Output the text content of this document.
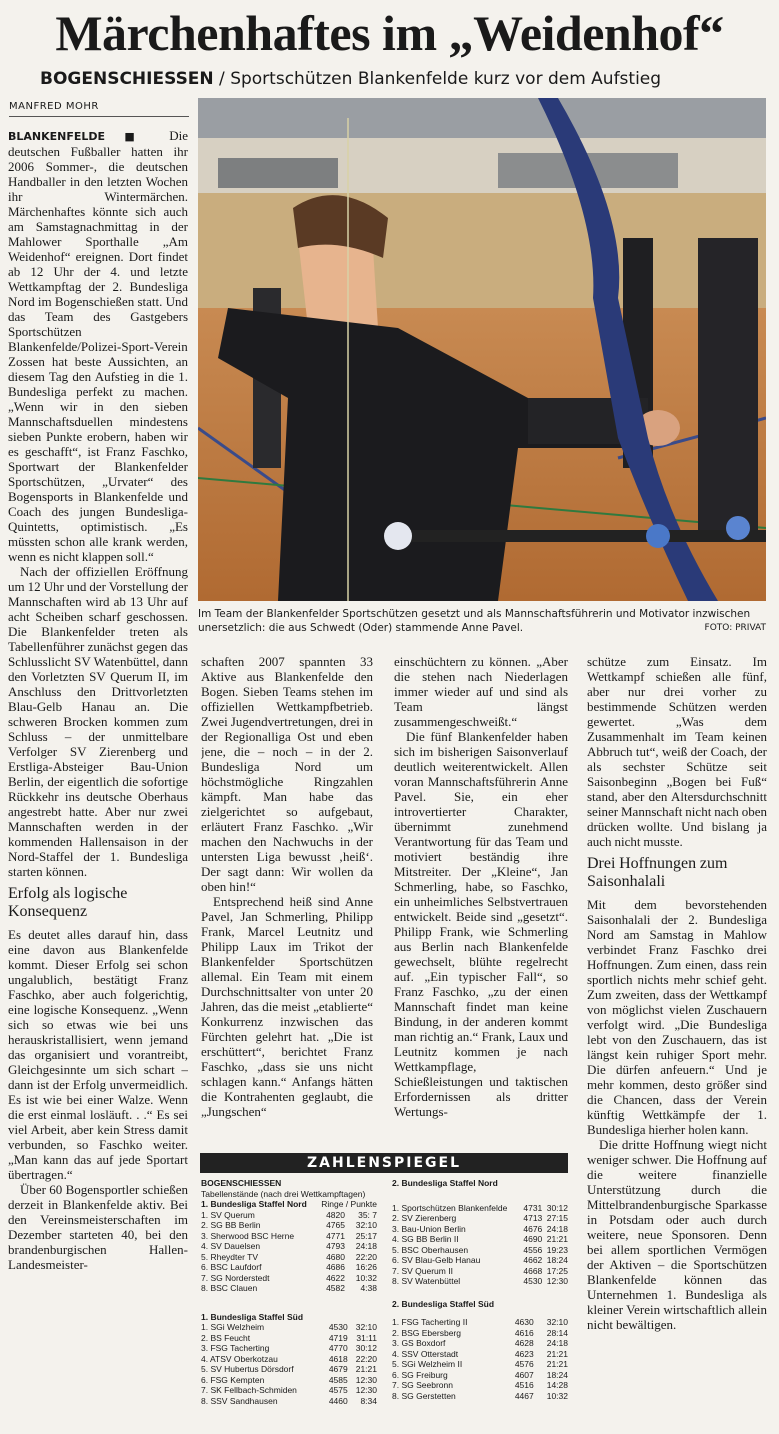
Märchenhaftes im „Weidenhof“
BOGENSCHIESSEN / Sportschützen Blankenfelde kurz vor dem Aufstieg
MANFRED MOHR

BLANKENFELDE ■ Die deutschen Fußballer hatten ihr 2006 Sommer-, die deutschen Handballer in den letzten Wochen ihr Wintermärchen. Märchenhaftes könnte sich auch am Samstagnachmittag in der Mahlower Sporthalle „Am Weidenhof“ ereignen. Dort findet ab 12 Uhr der 4. und letzte Wettkampftag der 2. Bundesliga Nord im Bogenschießen statt. Und das Team des Gastgebers Sportschützen Blankenfelde/Polizei-Sport-Verein Zossen hat beste Aussichten, an diesem Tag den Aufstieg in die 1. Bundesliga perfekt zu machen. „Wenn wir in den sieben Mannschaftsduellen mindestens sieben Punkte erobern, haben wir es geschafft“, ist Franz Faschko, Sportwart der Blankenfelder Sportschützen, „Urvater“ des Bogensports in Blankenfelde und Coach des jungen Bundesliga-Quintetts, optimistisch. „Es müssten schon alle krank werden, wenn es nicht klappen soll.“

Nach der offiziellen Eröffnung um 12 Uhr und der Vorstellung der Mannschaften wird ab 13 Uhr auf acht Scheiben scharf geschossen. Die Blankenfelder treten als Tabellenführer zunächst gegen das Schlusslicht SV Watenbüttel, dann den Vorletzten SV Querum II, im Anschluss den Drittvorletzten Blau-Gelb Hanau an. Die schweren Brocken kommen zum Schluss – der unmittelbare Verfolger SV Zierenberg und Erstliga-Absteiger Bau-Union Berlin, der eigentlich die sofortige Rückkehr ins deutsche Oberhaus angestrebt hatte. Aber nur zwei Mannschaften werden in der kommenden Hallensaison in der Nord-Staffel der 1. Bundesliga starten können.

Erfolg als logische Konsequenz

Es deutet alles darauf hin, dass eine davon aus Blankenfelde kommt. Dieser Erfolg sei schon ungalublich, bestätigt Franz Faschko, aber auch folgerichtig, eine logische Konsequenz. „Wenn sich so etwas wie bei uns herauskristallisiert, wenn jemand das organisiert und vorantreibt, Gleichgesinnte um sich schart – dann ist der Erfolg unvermeidlich. Es ist wie bei einer Walze. Wenn die erst einmal losläuft. . .“ Es sei viel Arbeit, aber kein Stress damit verbunden, so Faschko weiter. „Man kann das auf jede Sportart übertragen.“

Über 60 Bogensportler schießen derzeit in Blankenfelde aktiv. Bei den Vereinsmeisterschaften im Dezember starteten 40, bei den brandenburgischen Hallen-Landesmeister-

Im Team der Blankenfelder Sportschützen gesetzt und als Mannschaftsführerin und Motivator inzwischen unersetzlich: die aus Schwedt (Oder) stammende Anne Pavel.	FOTO: PRIVAT

schaften 2007 spannten 33 Aktive aus Blankenfelde den Bogen. Sieben Teams stehen im offiziellen Wettkampfbetrieb. Zwei Jugendvertretungen, drei in der Regionalliga Ost und eben jene, die – noch – in der 2. Bundesliga Nord um höchstmögliche Ringzahlen kämpft. Man habe das zielgerichtet so aufgebaut, erläutert Franz Faschko. „Wir machen den Nachwuchs in der untersten Liga bewusst ‚heiß‘. Der sagt dann: Wir wollen da oben hin!“

Entsprechend heiß sind Anne Pavel, Jan Schmerling, Philipp Frank, Marcel Leutnitz und Philipp Laux im Trikot der Blankenfelder Sportschützen allemal. Ein Team mit einem Durchschnittsalter von unter 20 Jahren, das die meist „etablierte“ Konkurrenz inzwischen das Fürchten gelehrt hat. „Die ist erschüttert“, berichtet Franz Faschko, „dass sie uns nicht schlagen kann.“ Anfangs hätten die Kontrahenten geglaubt, die „Jungschen“

einschüchtern zu können. „Aber die stehen nach Niederlagen immer wieder auf und sind als Team längst zusammengeschweißt.“

Die fünf Blankenfelder haben sich im bisherigen Saisonverlauf deutlich weiterentwickelt. Allen voran Mannschaftsführerin Anne Pavel. Sie, ein eher introvertierter Charakter, übernimmt zunehmend Verantwortung für das Team und motiviert beständig ihre Mitstreiter. Der „Kleine“, Jan Schmerling, habe, so Faschko, ein unheimliches Selbstvertrauen entwickelt. Beide sind „gesetzt“. Philipp Frank, wie Schmerling aus Berlin nach Blankenfelde gewechselt, blühte regelrecht auf. „Ein typischer Fall“, so Franz Faschko, „zu der einen Mannschaft findet man keine Bindung, in der anderen kommt man richtig an.“ Frank, Laux und Leutnitz kommen je nach Wettkampflage, Schießleistungen und taktischen Erfordernissen als dritter Wertungs-

schütze zum Einsatz. Im Wettkampf schießen alle fünf, aber nur drei vorher zu bestimmende Schützen werden gewertet. „Was dem Zusammenhalt im Team keinen Abbruch tut“, weiß der Coach, der als sechster Schütze seit Saisonbeginn „Bogen bei Fuß“ stand, aber den Altersdurchschnitt seiner Mannschaft nicht nach oben drücken wollte. Und bislang ja auch nicht musste.

Drei Hoffnungen zum Saisonhalali

Mit dem bevorstehenden Saisonhalali der 2. Bundesliga Nord am Samstag in Mahlow verbindet Franz Faschko drei Hoffnungen. Zum einen, dass rein sportlich nichts mehr schief geht. Zum zweiten, dass der Wettkampf von möglichst vielen Zuschauern verfolgt wird. „Die Bundesliga lebt von den Zuschauern, das ist längst kein ruhiger Sport mehr. Die dürfen anfeuern.“ Und je mehr kommen, desto größer sind die Chancen, dass der Verein künftig Wettkämpfe der 1. Bundesliga hierher holen kann.

Die dritte Hoffnung wiegt nicht weniger schwer. Die Hoffnung auf die weitere finanzielle Unterstützung durch die Mittelbrandenburgische Sparkasse in Potsdam oder auch durch weitere, neue Sponsoren. Denn bei allem sportlichen Vermögen der Aktiven – die Sportschützen Blankenfelde können das Unternehmen 1. Bundesliga als kleiner Verein wirtschaftlich allein nicht bewältigen.

ZAHLENSPIEGEL
BOGENSCHIESSEN
Tabellenstände (nach drei Wettkampftagen)
1. Bundesliga Staffel Nord	Ringe / Punkte	
1. SV Querum	4820	35: 7
2. SG BB Berlin	4765	32:10
3. Sherwood BSC Herne	4771	25:17
4. SV Dauelsen	4793	24:18
5. Rheydter TV	4680	22:20
6. BSC Laufdorf	4686	16:26
7. SG Norderstedt	4622	10:32
8. BSC Clauen	4582	4:38
1. Bundesliga Staffel Süd		
1. SGi Welzheim	4530	32:10
2. BS Feucht	4719	31:11
3. FSG Tacherting	4770	30:12
4. ATSV Oberkotzau	4618	22:20
5. SV Hubertus Dörsdorf	4679	21:21
6. FSG Kempten	4585	12:30
7. SK Fellbach-Schmiden	4575	12:30
8. SSV Sandhausen	4460	8:34
2. Bundesliga Staffel Nord
1. Sportschützen Blankenfelde	4731	30:12
2. SV Zierenberg	4713	27:15
3. Bau-Union Berlin	4676	24:18
4. SG BB Berlin II	4690	21:21
5. BSC Oberhausen	4556	19:23
6. SV Blau-Gelb Hanau	4662	18:24
7. SV Querum II	4668	17:25
8. SV Watenbüttel	4530	12:30
2. Bundesliga Staffel Süd
1. FSG Tacherting II	4630	32:10
2. BSG Ebersberg	4616	28:14
3. GS Boxdorf	4628	24:18
4. SSV Otterstadt	4623	21:21
5. SGi Welzheim II	4576	21:21
6. SG Freiburg	4607	18:24
7. SG Seebronn	4516	14:28
8. SG Gerstetten	4467	10:32
